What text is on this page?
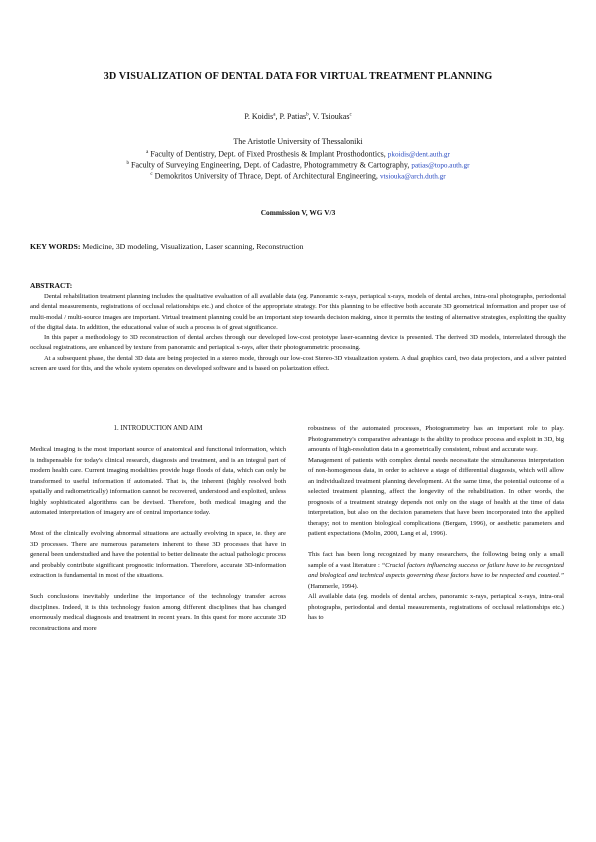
3D VISUALIZATION OF DENTAL DATA FOR VIRTUAL TREATMENT PLANNING
P. Koidis$^a$, P. Patias$^b$, V. Tsioukas$^c$
The Aristotle University of Thessaloniki
$^a$ Faculty of Dentistry, Dept. of Fixed Prosthesis & Implant Prosthodontics, pkoidis@dent.auth.gr
$^b$ Faculty of Surveying Engineering, Dept. of Cadastre, Photogrammetry & Cartography, patias@topo.auth.gr
$^c$ Demokritos University of Thrace, Dept. of Architectural Engineering, vtsiouka@arch.duth.gr
Commission V, WG V/3
KEY WORDS: Medicine, 3D modeling, Visualization, Laser scanning, Reconstruction
ABSTRACT:

Dental rehabilitation treatment planning includes the qualitative evaluation of all available data (eg. Panoramic x-rays, periapical x-rays, models of dental arches, intra-oral photographs, periodontal and dental measurements, registrations of occlusal relationships etc.) and choice of the appropriate strategy. For this planning to be effective both accurate 3D geometrical information and proper use of multi-modal / multi-source images are important. Virtual treatment planning could be an important step towards decision making, since it permits the testing of alternative strategies, exploiting the quality of the digital data. In addition, the educational value of such a process is of great significance.

In this paper a methodology to 3D reconstruction of dental arches through our developed low-cost prototype laser-scanning device is presented. The derived 3D models, interrelated through the occlusal registrations, are enhanced by texture from panoramic and periapical x-rays, after their photogrammetric processing.

At a subsequent phase, the dental 3D data are being projected in a stereo mode, through our low-cost Stereo-3D visualization system. A dual graphics card, two data projectors, and a silver painted screen are used for this, and the whole system operates on developed software and is based on polarization effect.

1. INTRODUCTION AND AIM

Medical imaging is the most important source of anatomical and functional information, which is indispensable for today's clinical research, diagnosis and treatment, and is an integral part of modern health care. Current imaging modalities provide huge floods of data, which can only be transformed to useful information if automated. That is, the inherent (highly resolved both spatially and radiometrically) information cannot be recovered, understood and exploited, unless highly sophisticated algorithms can be devised. Therefore, both medical imaging and the automated interpretation of imagery are of central importance today.

Most of the clinically evolving abnormal situations are actually evolving in space, ie. they are 3D processes. There are numerous parameters inherent to these 3D processes that have in general been understudied and have the potential to better delineate the actual pathologic process and probably contribute significant prognostic information. Therefore, accurate 3D-information extraction is fundamental in most of the situations.

Such conclusions inevitably underline the importance of the technology transfer across disciplines. Indeed, it is this technology fusion among different disciplines that has changed enormously medical diagnosis and treatment in recent years. In this quest for more accurate 3D reconstructions and more

robustness of the automated processes, Photogrammetry has an important role to play. Photogrammetry's comparative advantage is the ability to produce process and exploit in 3D, big amounts of high-resolution data in a geometrically consistent, robust and accurate way.

Management of patients with complex dental needs necessitate the simultaneous interpretation of non-homogenous data, in order to achieve a stage of differential diagnosis, which will allow an individualized treatment planning development. At the same time, the potential outcome of a selected treatment planning, affect the longevity of the rehabilitation. In other words, the prognosis of a treatment strategy depends not only on the stage of health at the time of data interpretation, but also on the decision parameters that have been incorporated into the applied therapy; not to mention biological complications (Bergam, 1996), or aesthetic parameters and patient expectations (Molin, 2000, Lang et al, 1996).

This fact has been long recognized by many researchers, the following being only a small sample of a vast literature : “Crucial factors influencing success or failure have to be recognized and biological and technical aspects governing these factors have to be respected and counted.” (Hammerle, 1994).

All available data (eg. models of dental arches, panoramic x-rays, periapical x-rays, intra-oral photographs, periodontal and dental measurements, registrations of occlusal relationships etc.) has to
